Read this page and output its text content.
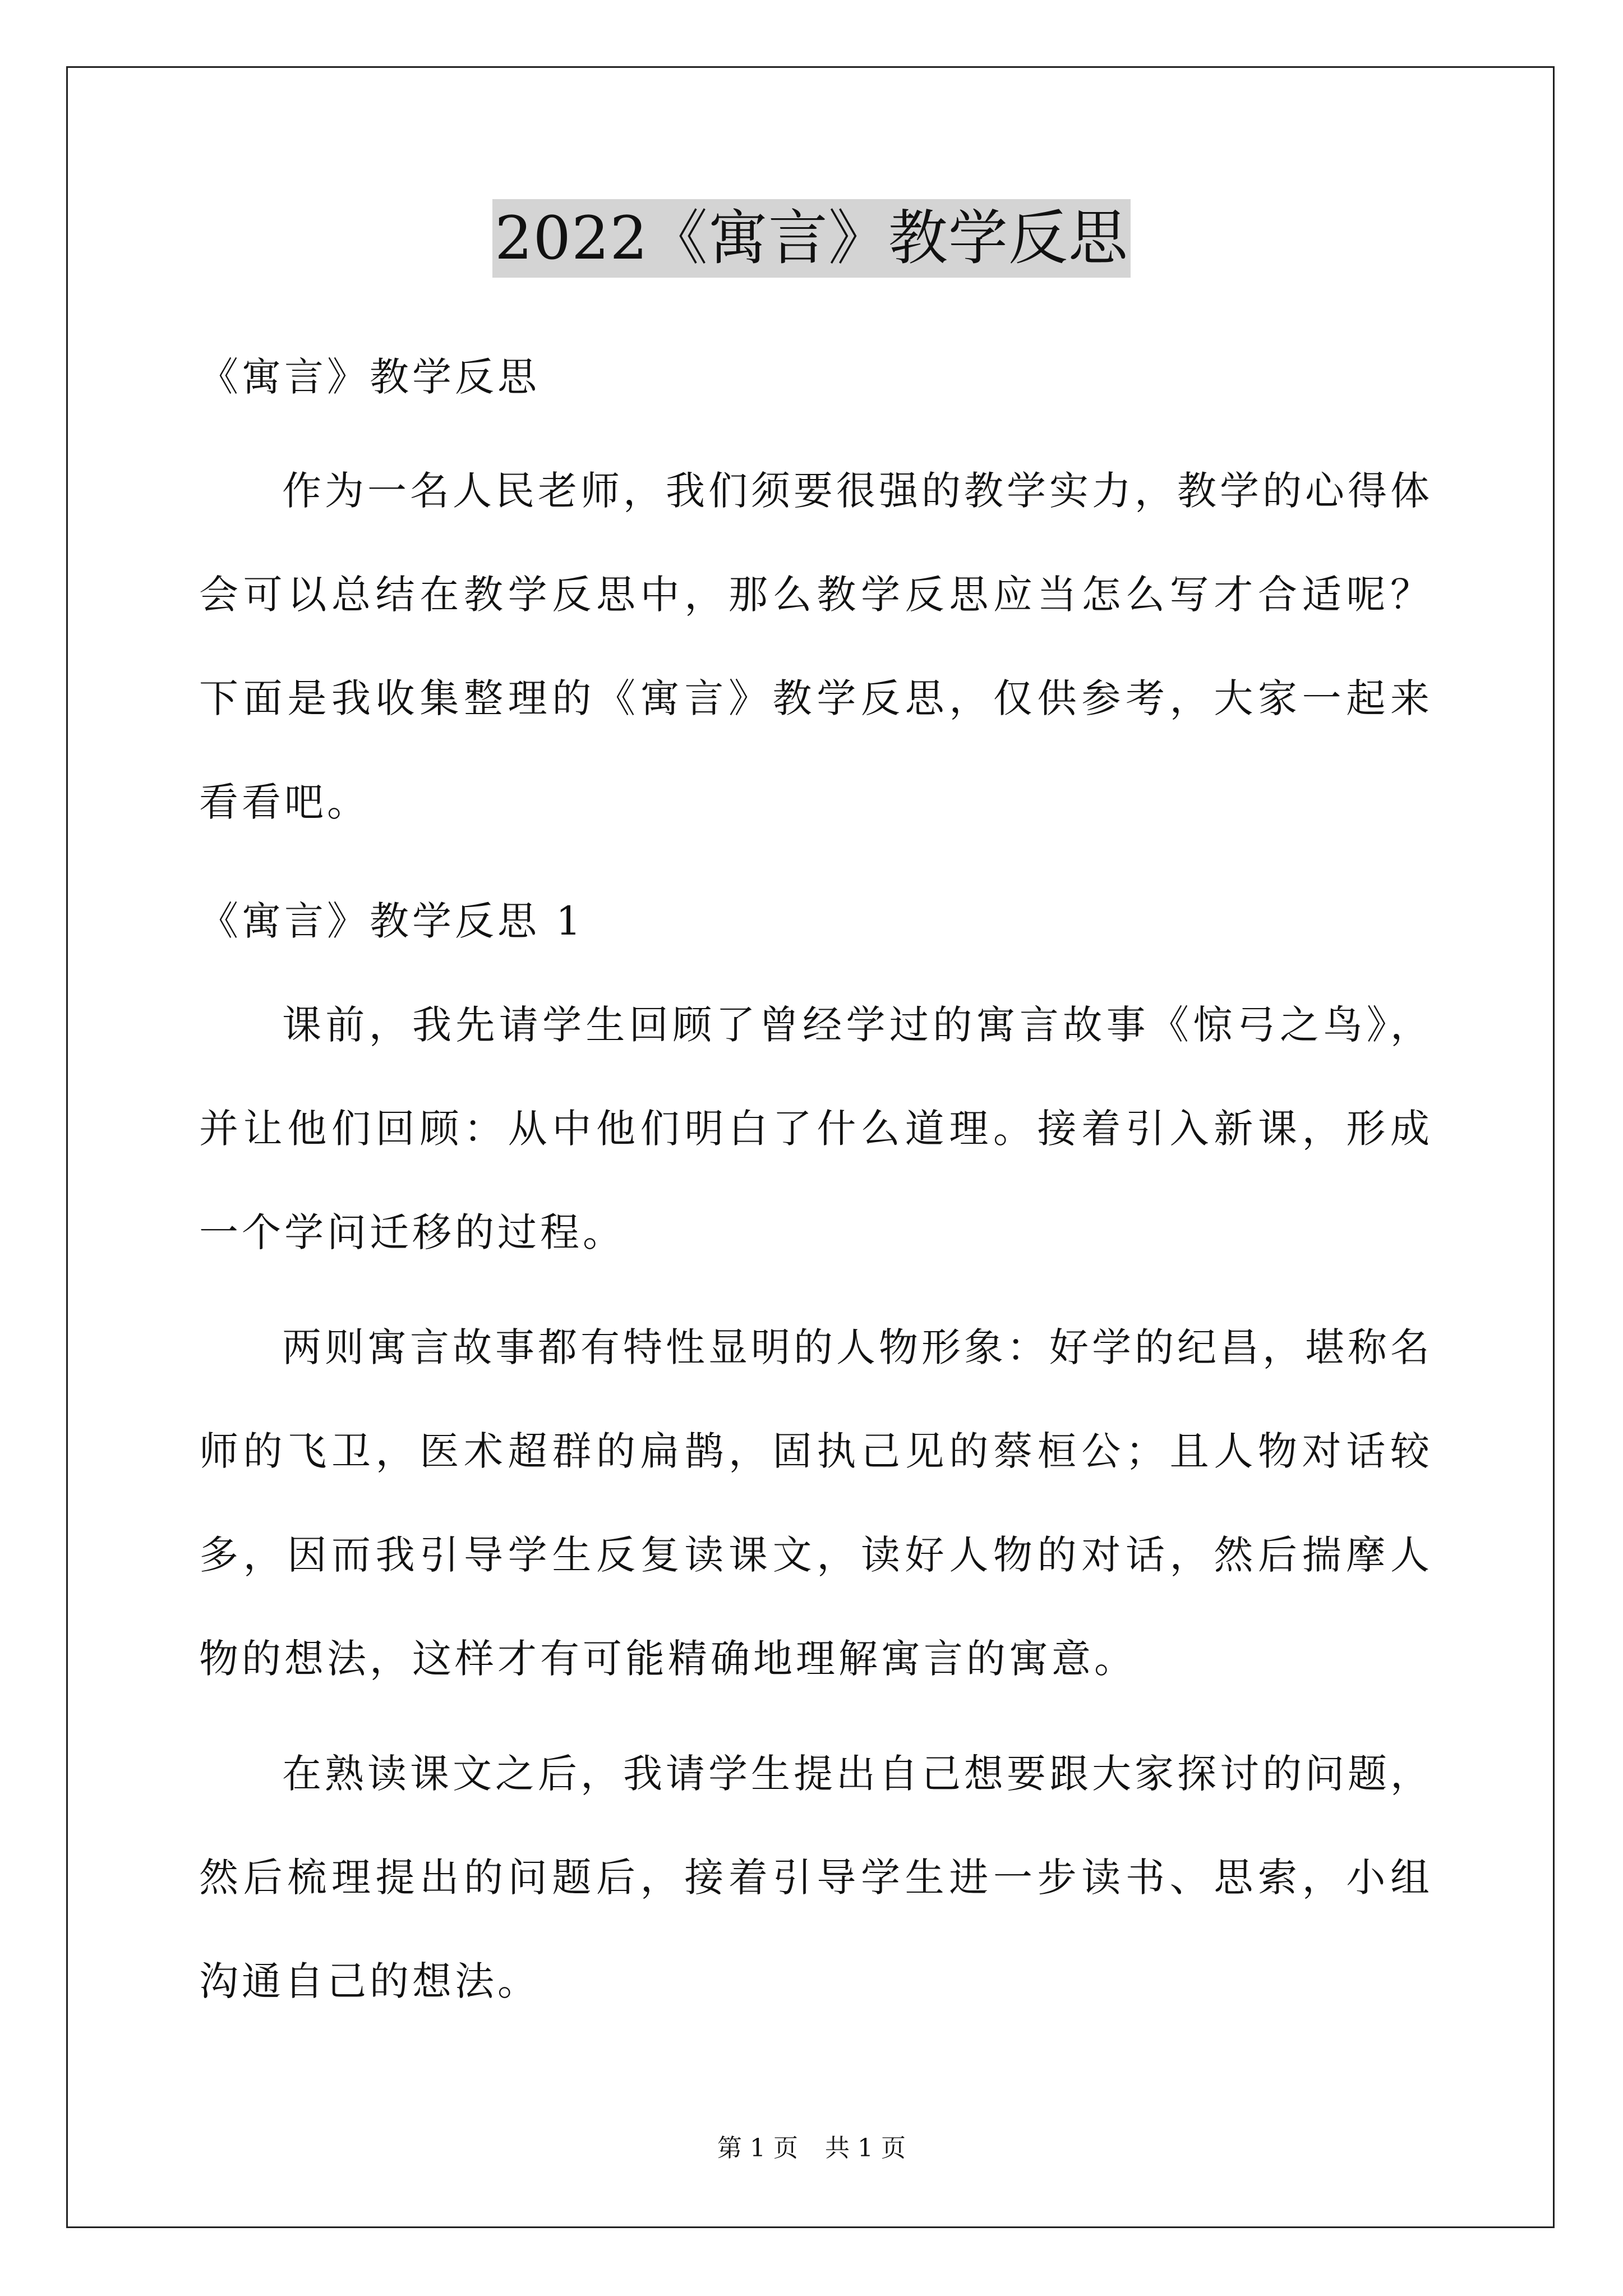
2022《寓言》教学反思

《寓言》教学反思

作为一名人民老师，我们须要很强的教学实力，教学的心得体会可以总结在教学反思中，那么教学反思应当怎么写才合适呢？下面是我收集整理的《寓言》教学反思，仅供参考，大家一起来看看吧。

《寓言》教学反思 1

课前，我先请学生回顾了曾经学过的寓言故事《惊弓之鸟》，并让他们回顾：从中他们明白了什么道理。接着引入新课，形成一个学问迁移的过程。

两则寓言故事都有特性显明的人物形象：好学的纪昌，堪称名师的飞卫，医术超群的扁鹊，固执己见的蔡桓公；且人物对话较多，因而我引导学生反复读课文，读好人物的对话，然后揣摩人物的想法，这样才有可能精确地理解寓言的寓意。

在熟读课文之后，我请学生提出自己想要跟大家探讨的问题，然后梳理提出的问题后，接着引导学生进一步读书、思索，小组沟通自己的想法。

第 1 页 共 1 页
